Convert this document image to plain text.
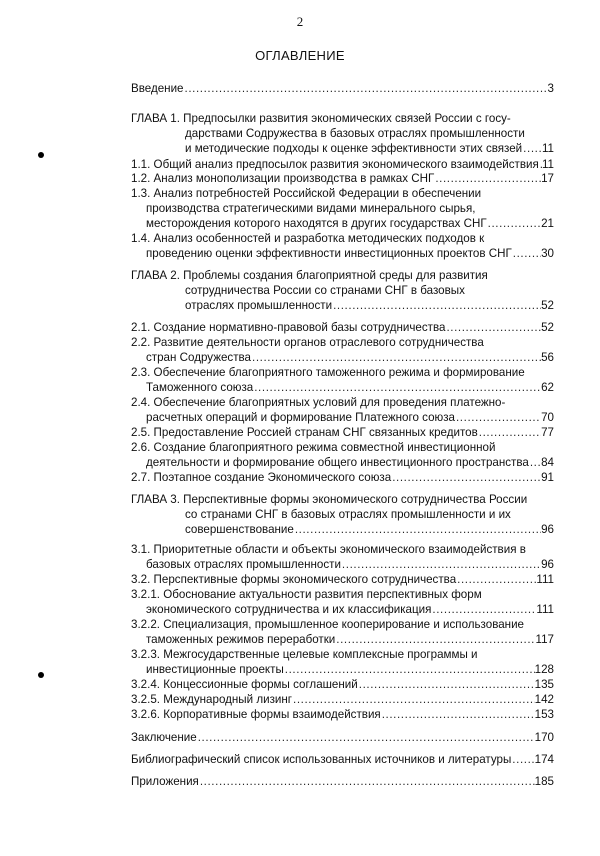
2
ОГЛАВЛЕНИЕ
Введение .....	3
ГЛАВА 1. Предпосылки развития экономических связей России с госу-
дарствами Содружества в базовых отраслях промышленности
и методические подходы к оценке эффективности этих связей ..... 11
1.1. Общий анализ предпосылок развития экономического взаимодействия ..... 11
1.2. Анализ монополизации производства в рамках СНГ .....	17
1.3. Анализ потребностей Российской Федерации в обеспечении
производства стратегическими видами минерального сырья,
месторождения которого находятся в других государствах СНГ .....	21
1.4. Анализ особенностей и разработка методических подходов к
проведению оценки эффективности инвестиционных проектов СНГ .....	30
ГЛАВА 2. Проблемы создания благоприятной среды для развития
сотрудничества России со странами СНГ в базовых
отраслях промышленности .....	52
2.1. Создание нормативно-правовой базы сотрудничества .....	52
2.2. Развитие деятельности органов отраслевого сотрудничества
стран Содружества .....	56
2.3. Обеспечение благоприятного таможенного режима и формирование
Таможенного союза .....	62
2.4. Обеспечение благоприятных условий для проведения платежно-
расчетных операций и формирование Платежного союза .....	70
2.5. Предоставление Россией странам СНГ связанных кредитов .....	77
2.6. Создание благоприятного режима совместной инвестиционной
деятельности и формирование общего инвестиционного пространства ..... 84
2.7. Поэтапное создание Экономического союза .....	91
ГЛАВА 3. Перспективные формы экономического сотрудничества России
со странами СНГ в базовых отраслях промышленности и их
совершенствование .....	96
3.1. Приоритетные области и объекты экономического взаимодействия в
базовых отраслях промышленности .....	96
3.2. Перспективные формы экономического сотрудничества .....	111
3.2.1. Обоснование актуальности развития перспективных форм
экономического сотрудничества и их классификация .....	111
3.2.2. Специализация, промышленное кооперирование и использование
таможенных режимов переработки .....	117
3.2.3. Межгосударственные целевые комплексные программы и
инвестиционные проекты .....	128
3.2.4. Концессионные формы соглашений .....	135
3.2.5. Международный лизинг .....	142
3.2.6. Корпоративные формы взаимодействия .....	153
Заключение .....	170
Библиографический список использованных источников и литературы ..... 174
Приложения .....	185
